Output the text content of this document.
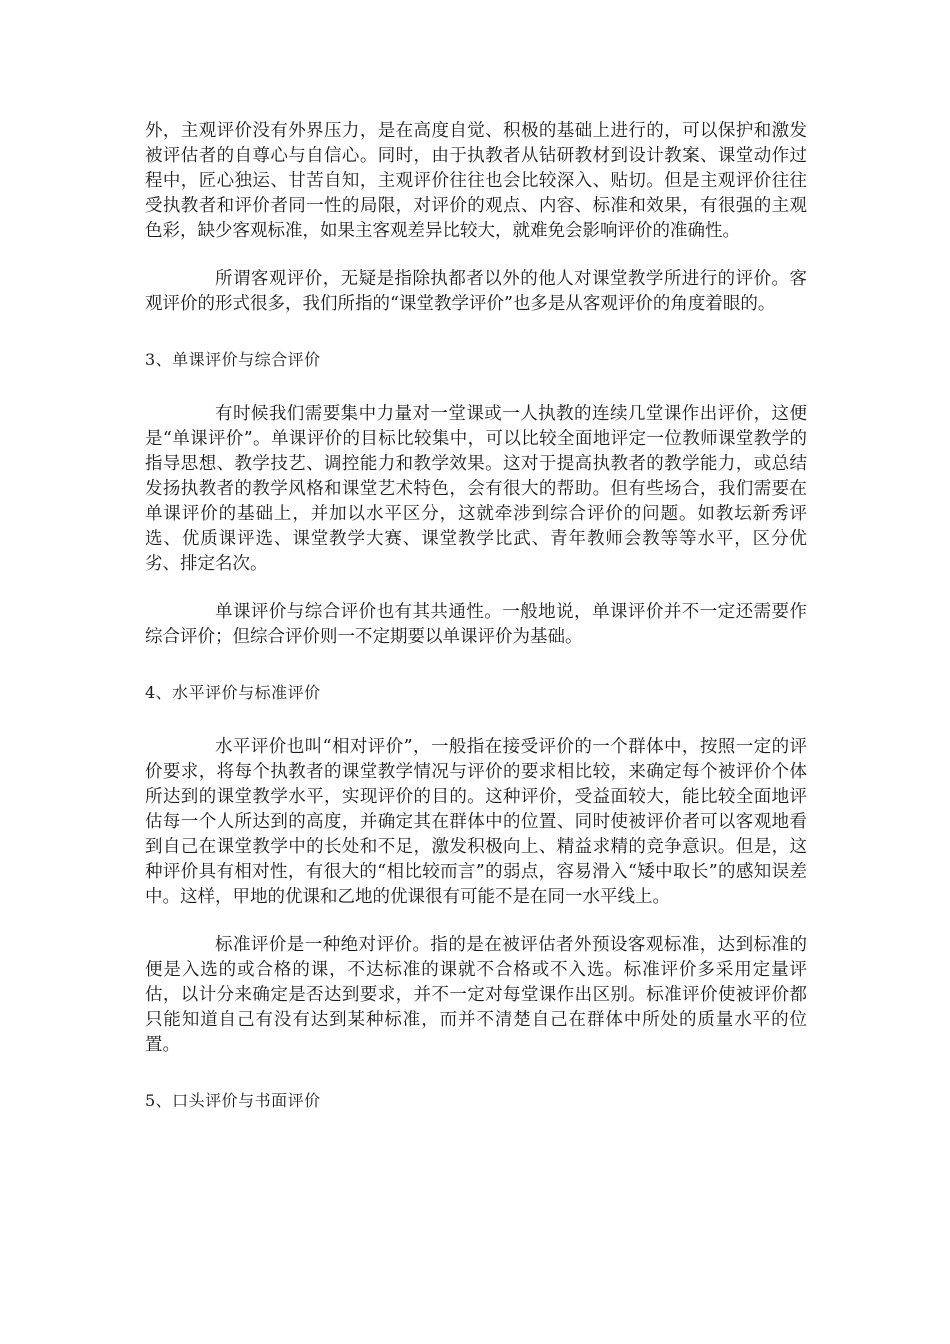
外，主观评价没有外界压力，是在高度自觉、积极的基础上进行的，可以保护和激发被评估者的自尊心与自信心。同时，由于执教者从钻研教材到设计教案、课堂动作过程中，匠心独运、甘苦自知，主观评价往往也会比较深入、贴切。但是主观评价往往受执教者和评价者同一性的局限，对评价的观点、内容、标准和效果，有很强的主观色彩，缺少客观标准，如果主客观差异比较大，就难免会影响评价的准确性。

所谓客观评价，无疑是指除执都者以外的他人对课堂教学所进行的评价。客观评价的形式很多，我们所指的“课堂教学评价”也多是从客观评价的角度着眼的。

3、单课评价与综合评价

有时候我们需要集中力量对一堂课或一人执教的连续几堂课作出评价，这便是“单课评价”。单课评价的目标比较集中，可以比较全面地评定一位教师课堂教学的指导思想、教学技艺、调控能力和教学效果。这对于提高执教者的教学能力，或总结发扬执教者的教学风格和课堂艺术特色，会有很大的帮助。但有些场合，我们需要在单课评价的基础上，并加以水平区分，这就牵涉到综合评价的问题。如教坛新秀评选、优质课评选、课堂教学大赛、课堂教学比武、青年教师会教等等水平，区分优劣、排定名次。

单课评价与综合评价也有其共通性。一般地说，单课评价并不一定还需要作综合评价；但综合评价则一不定期要以单课评价为基础。

4、水平评价与标准评价

水平评价也叫“相对评价”，一般指在接受评价的一个群体中，按照一定的评价要求，将每个执教者的课堂教学情况与评价的要求相比较，来确定每个被评价个体所达到的课堂教学水平，实现评价的目的。这种评价，受益面较大，能比较全面地评估每一个人所达到的高度，并确定其在群体中的位置、同时使被评价者可以客观地看到自己在课堂教学中的长处和不足，激发积极向上、精益求精的竞争意识。但是，这种评价具有相对性，有很大的“相比较而言”的弱点，容易滑入“矮中取长”的感知误差中。这样，甲地的优课和乙地的优课很有可能不是在同一水平线上。

标准评价是一种绝对评价。指的是在被评估者外预设客观标准，达到标准的便是入选的或合格的课，不达标准的课就不合格或不入选。标准评价多采用定量评估，以计分来确定是否达到要求，并不一定对每堂课作出区别。标准评价使被评价都只能知道自己有没有达到某种标准，而并不清楚自己在群体中所处的质量水平的位置。

5、口头评价与书面评价
